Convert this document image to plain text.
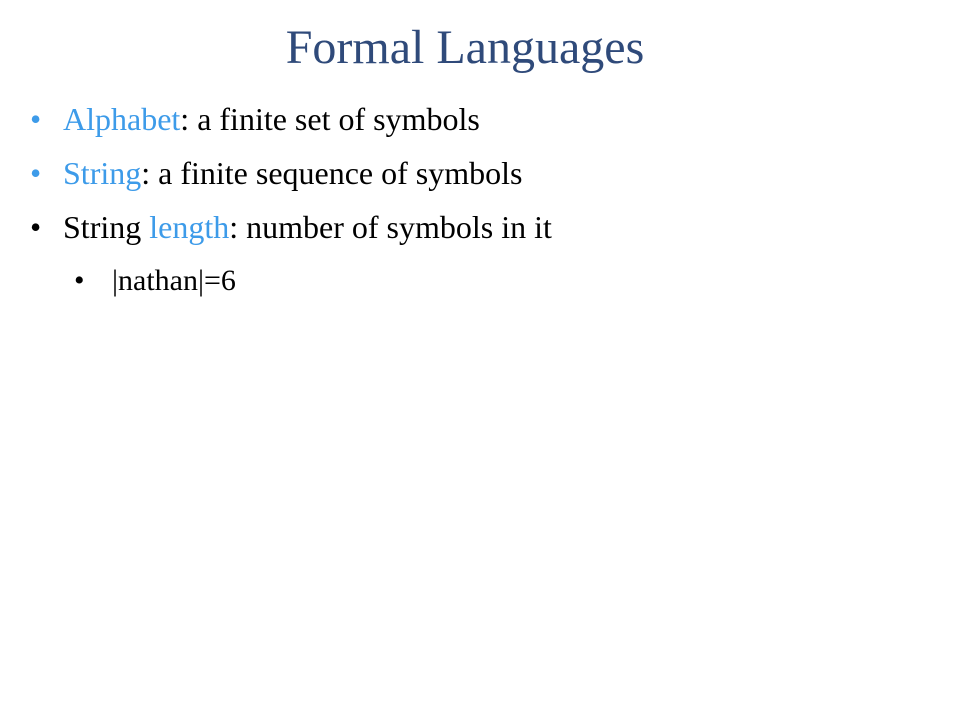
Formal Languages
• Alphabet: a finite set of symbols
• String: a finite sequence of symbols
• String length: number of symbols in it
• |nathan|=6
